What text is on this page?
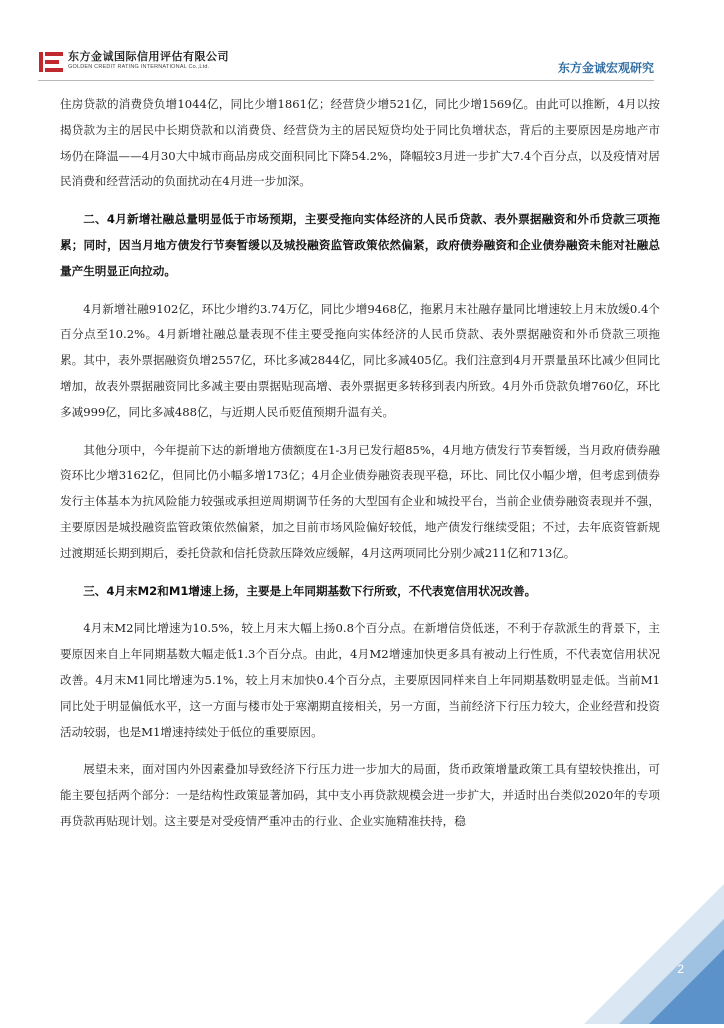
东方金诚国际信用评估有限公司
GOLDEN CREDIT RATING INTERNATIONAL Co.,Ltd.	东方金诚宏观研究

住房贷款的消费贷负增1044亿，同比少增1861亿；经营贷少增521亿，同比少增1569亿。由此可以推断，4月以按揭贷款为主的居民中长期贷款和以消费贷、经营贷为主的居民短贷均处于同比负增状态，背后的主要原因是房地产市场仍在降温——4月30大中城市商品房成交面积同比下降54.2%，降幅较3月进一步扩大7.4个百分点，以及疫情对居民消费和经营活动的负面扰动在4月进一步加深。

二、4月新增社融总量明显低于市场预期，主要受拖向实体经济的人民币贷款、表外票据融资和外币贷款三项拖累；同时，因当月地方债发行节奏暂缓以及城投融资监管政策依然偏紧，政府债券融资和企业债券融资未能对社融总量产生明显正向拉动。

4月新增社融9102亿，环比少增约3.74万亿，同比少增9468亿，拖累月末社融存量同比增速较上月末放缓0.4个百分点至10.2%。4月新增社融总量表现不佳主要受拖向实体经济的人民币贷款、表外票据融资和外币贷款三项拖累。其中，表外票据融资负增2557亿，环比多减2844亿，同比多减405亿。我们注意到4月开票量虽环比减少但同比增加，故表外票据融资同比多减主要由票据贴现高增、表外票据更多转移到表内所致。4月外币贷款负增760亿，环比多减999亿，同比多减488亿，与近期人民币贬值预期升温有关。

其他分项中，今年提前下达的新增地方债额度在1-3月已发行超85%，4月地方债发行节奏暂缓，当月政府债券融资环比少增3162亿，但同比仍小幅多增173亿；4月企业债券融资表现平稳，环比、同比仅小幅少增，但考虑到债券发行主体基本为抗风险能力较强或承担逆周期调节任务的大型国有企业和城投平台，当前企业债券融资表现并不强，主要原因是城投融资监管政策依然偏紧，加之目前市场风险偏好较低，地产债发行继续受阻；不过，去年底资管新规过渡期延长期到期后，委托贷款和信托贷款压降效应缓解，4月这两项同比分别少减211亿和713亿。

三、4月末M2和M1增速上扬，主要是上年同期基数下行所致，不代表宽信用状况改善。

4月末M2同比增速为10.5%，较上月末大幅上扬0.8个百分点。在新增信贷低迷，不利于存款派生的背景下，主要原因来自上年同期基数大幅走低1.3个百分点。由此，4月M2增速加快更多具有被动上行性质，不代表宽信用状况改善。4月末M1同比增速为5.1%，较上月末加快0.4个百分点，主要原因同样来自上年同期基数明显走低。当前M1同比处于明显偏低水平，这一方面与楼市处于寒潮期直接相关，另一方面，当前经济下行压力较大，企业经营和投资活动较弱，也是M1增速持续处于低位的重要原因。

展望未来，面对国内外因素叠加导致经济下行压力进一步加大的局面，货币政策增量政策工具有望较快推出，可能主要包括两个部分：一是结构性政策显著加码，其中支小再贷款规模会进一步扩大，并适时出台类似2020年的专项再贷款再贴现计划。这主要是对受疫情严重冲击的行业、企业实施精准扶持，稳

2
